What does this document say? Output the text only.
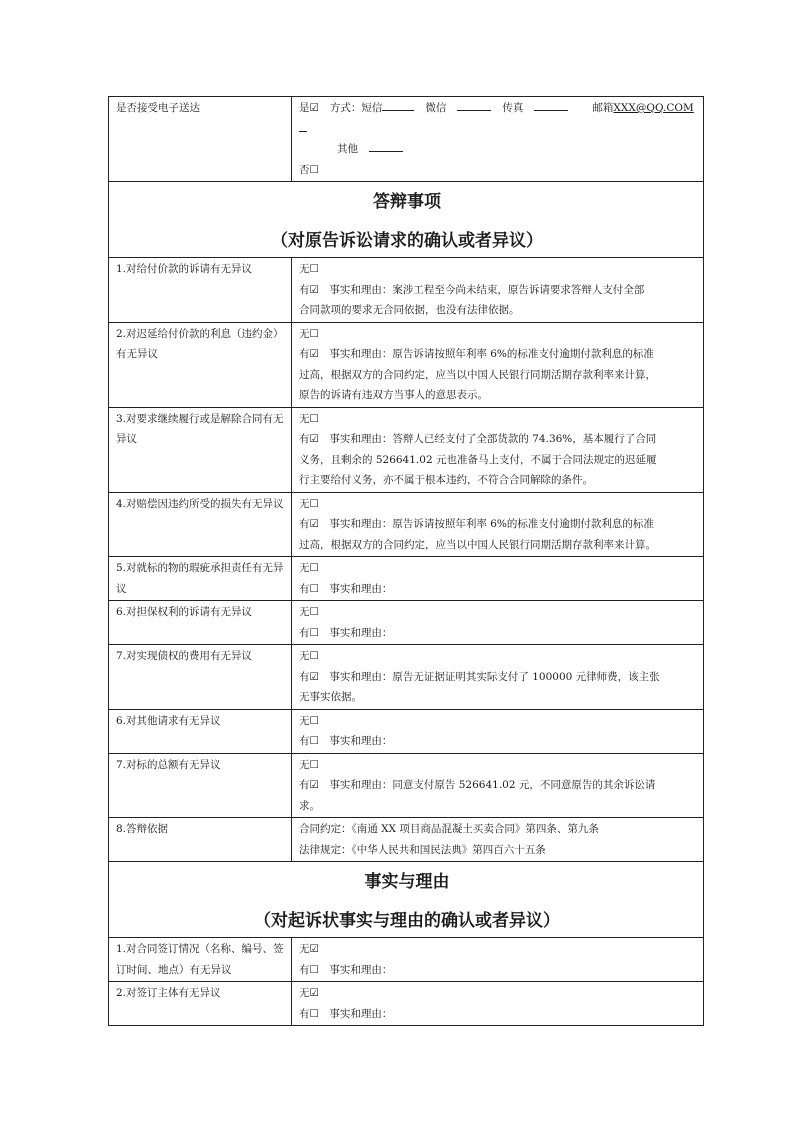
是否接受电子送达	是☑ 方式：短信 微信 传真 邮箱XXX@QQ.COM
其他
否☐

答辩事项
（对原告诉讼请求的确认或者异议）	

1.对给付价款的诉请有无异议	无☐
有☑　事实和理由：案涉工程至今尚未结束，原告诉请要求答辩人支付全部
合同款项的要求无合同依据，也没有法律依据。

2.对迟延给付价款的利息（违约金）有无异议	无☐
有☑　事实和理由：原告诉请按照年利率 6%的标准支付逾期付款利息的标准
过高，根据双方的合同约定，应当以中国人民银行同期活期存款利率来计算，
原告的诉请有违双方当事人的意思表示。

3.对要求继续履行或是解除合同有无异议	无☐
有☑　事实和理由：答辩人已经支付了全部货款的 74.36%，基本履行了合同
义务，且剩余的 526641.02 元也准备马上支付，不属于合同法规定的迟延履
行主要给付义务，亦不属于根本违约，不符合合同解除的条件。

4.对赔偿因违约所受的损失有无异议	无☐
有☑　事实和理由：原告诉请按照年利率 6%的标准支付逾期付款利息的标准
过高，根据双方的合同约定，应当以中国人民银行同期活期存款利率来计算。

5.对就标的物的瑕疵承担责任有无异议	无☐
有☐　事实和理由：

6.对担保权利的诉请有无异议	无☐
有☐　事实和理由：

7.对实现债权的费用有无异议	无☐
有☑　事实和理由：原告无证据证明其实际支付了 100000 元律师费，该主张
无事实依据。

6.对其他请求有无异议	无☐
有☐　事实和理由：

7.对标的总额有无异议	无☐
有☑　事实和理由：同意支付原告 526641.02 元，不同意原告的其余诉讼请
求。

8.答辩依据	合同约定：《南通 XX 项目商品混凝土买卖合同》第四条、第九条
法律规定：《中华人民共和国民法典》第四百六十五条

事实与理由
（对起诉状事实与理由的确认或者异议）	

1.对合同签订情况（名称、编号、签订时间、地点）有无异议	无☑
有☐　事实和理由：

2.对签订主体有无异议	无☑
有☐　事实和理由：
